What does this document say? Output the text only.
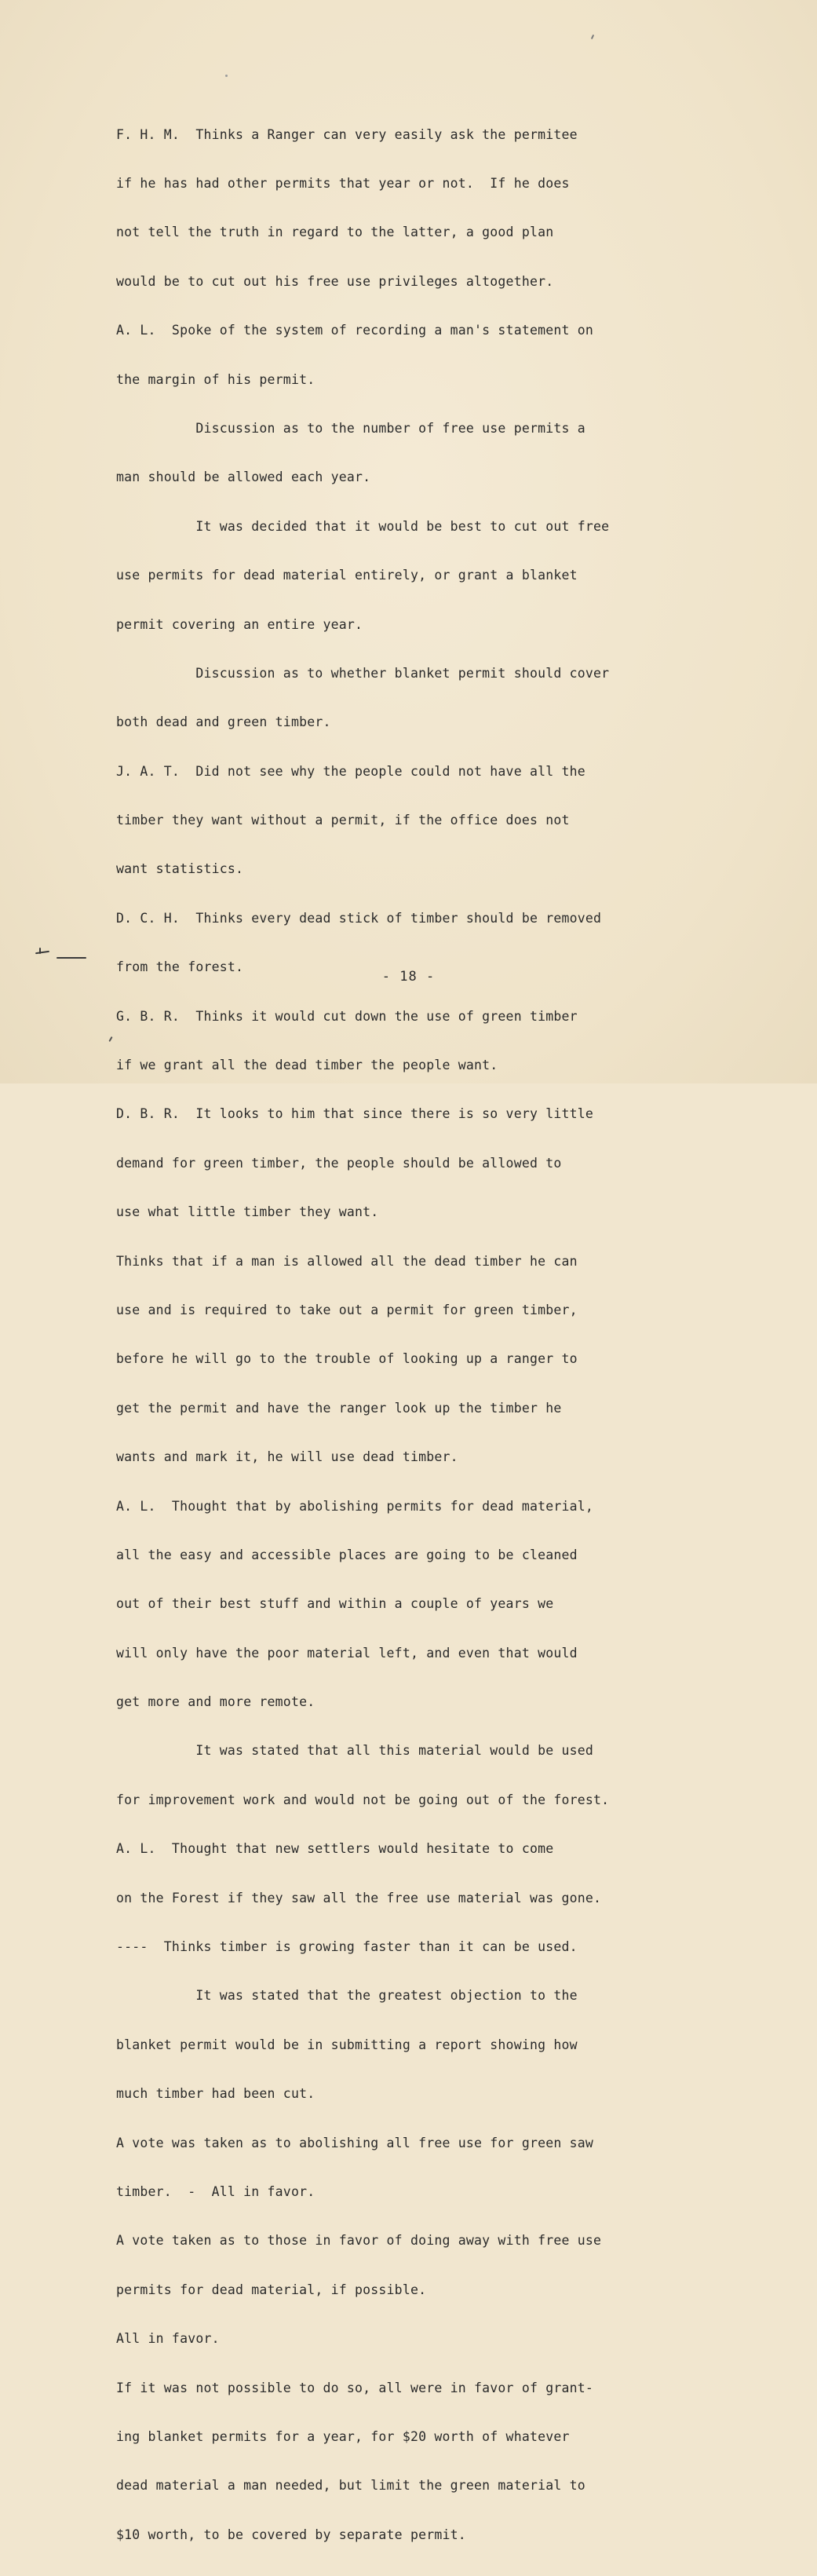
F. H. M.  Thinks a Ranger can very easily ask the permitee

if he has had other permits that year or not.  If he does

not tell the truth in regard to the latter, a good plan

would be to cut out his free use privileges altogether.

A. L.  Spoke of the system of recording a man's statement on

the margin of his permit.

Discussion as to the number of free use permits a

man should be allowed each year.

It was decided that it would be best to cut out free

use permits for dead material entirely, or grant a blanket

permit covering an entire year.

Discussion as to whether blanket permit should cover

both dead and green timber.

J. A. T.  Did not see why the people could not have all the

timber they want without a permit, if the office does not

want statistics.

D. C. H.  Thinks every dead stick of timber should be removed

from the forest.

G. B. R.  Thinks it would cut down the use of green timber

if we grant all the dead timber the people want.

D. B. R.  It looks to him that since there is so very little

demand for green timber, the people should be allowed to

use what little timber they want.

Thinks that if a man is allowed all the dead timber he can

use and is required to take out a permit for green timber,

before he will go to the trouble of looking up a ranger to

get the permit and have the ranger look up the timber he

wants and mark it, he will use dead timber.

A. L.  Thought that by abolishing permits for dead material,

all the easy and accessible places are going to be cleaned

out of their best stuff and within a couple of years we

will only have the poor material left, and even that would

get more and more remote.

It was stated that all this material would be used

for improvement work and would not be going out of the forest.

A. L.  Thought that new settlers would hesitate to come

on the Forest if they saw all the free use material was gone.

----  Thinks timber is growing faster than it can be used.

It was stated that the greatest objection to the

blanket permit would be in submitting a report showing how

much timber had been cut.

A vote was taken as to abolishing all free use for green saw

timber.  -  All in favor.

A vote taken as to those in favor of doing away with free use

permits for dead material, if possible.

All in favor.

If it was not possible to do so, all were in favor of grant-

ing blanket permits for a year, for $20 worth of whatever

dead material a man needed, but limit the green material to

$10 worth, to be covered by separate permit.

- 18 -
